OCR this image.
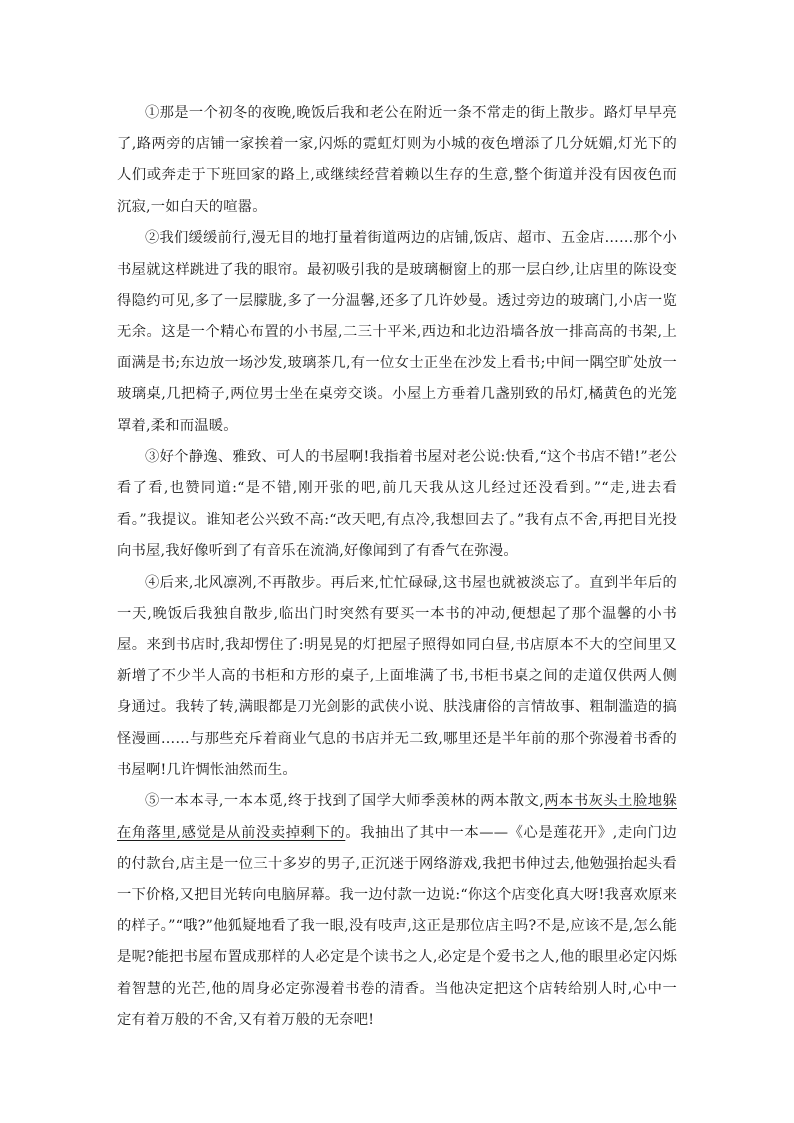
①那是一个初冬的夜晚,晚饭后我和老公在附近一条不常走的街上散步。路灯早早亮了,路两旁的店铺一家挨着一家,闪烁的霓虹灯则为小城的夜色增添了几分妩媚,灯光下的人们或奔走于下班回家的路上,或继续经营着赖以生存的生意,整个街道并没有因夜色而沉寂,一如白天的喧嚣。

②我们缓缓前行,漫无目的地打量着街道两边的店铺,饭店、超市、五金店……那个小书屋就这样跳进了我的眼帘。最初吸引我的是玻璃橱窗上的那一层白纱,让店里的陈设变得隐约可见,多了一层朦胧,多了一分温馨,还多了几许妙曼。透过旁边的玻璃门,小店一览无余。这是一个精心布置的小书屋,二三十平米,西边和北边沿墙各放一排高高的书架,上面满是书;东边放一场沙发,玻璃茶几,有一位女士正坐在沙发上看书;中间一隅空旷处放一玻璃桌,几把椅子,两位男士坐在桌旁交谈。小屋上方垂着几盏别致的吊灯,橘黄色的光笼罩着,柔和而温暖。

③好个静逸、雅致、可人的书屋啊!我指着书屋对老公说:快看,“这个书店不错!”老公看了看,也赞同道:“是不错,刚开张的吧,前几天我从这儿经过还没看到。”“走,进去看看。”我提议。谁知老公兴致不高:“改天吧,有点冷,我想回去了。”我有点不舍,再把目光投向书屋,我好像听到了有音乐在流淌,好像闻到了有香气在弥漫。

④后来,北风凛冽,不再散步。再后来,忙忙碌碌,这书屋也就被淡忘了。直到半年后的一天,晚饭后我独自散步,临出门时突然有要买一本书的冲动,便想起了那个温馨的小书屋。来到书店时,我却愣住了:明晃晃的灯把屋子照得如同白昼,书店原本不大的空间里又新增了不少半人高的书柜和方形的桌子,上面堆满了书,书柜书桌之间的走道仅供两人侧身通过。我转了转,满眼都是刀光剑影的武侠小说、肤浅庸俗的言情故事、粗制滥造的搞怪漫画……与那些充斥着商业气息的书店并无二致,哪里还是半年前的那个弥漫着书香的书屋啊!几许惆怅油然而生。

⑤一本本寻,一本本觅,终于找到了国学大师季羡林的两本散文,两本书灰头土脸地躲在角落里,感觉是从前没卖掉剩下的。我抽出了其中一本——《心是莲花开》,走向门边的付款台,店主是一位三十多岁的男子,正沉迷于网络游戏,我把书伸过去,他勉强抬起头看一下价格,又把目光转向电脑屏幕。我一边付款一边说:“你这个店变化真大呀!我喜欢原来的样子。”“哦?”他狐疑地看了我一眼,没有吱声,这正是那位店主吗?不是,应该不是,怎么能是呢?能把书屋布置成那样的人必定是个读书之人,必定是个爱书之人,他的眼里必定闪烁着智慧的光芒,他的周身必定弥漫着书卷的清香。当他决定把这个店转给别人时,心中一定有着万般的不舍,又有着万般的无奈吧!
